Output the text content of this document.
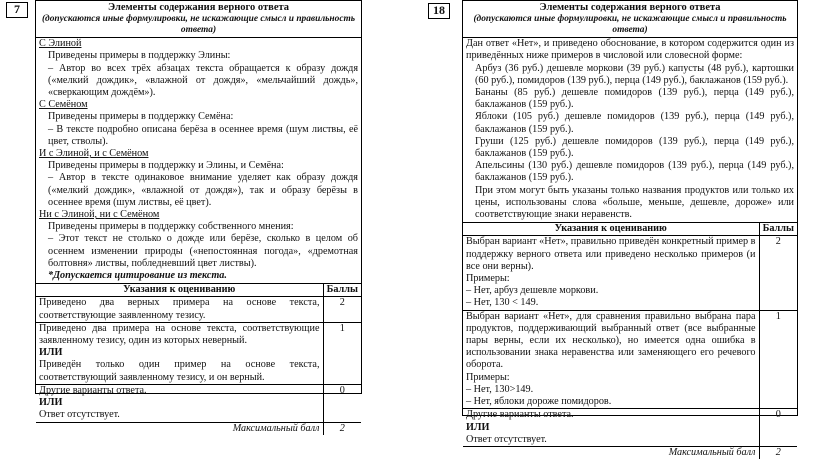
7	Элементы содержания верного ответа
(допускаются иные формулировки, не искажающие смысл и правильность ответа)

С Элиной

Приведены примеры в поддержку Элины:

– Автор во всех трёх абзацах текста обращается к образу дождя («мелкий дождик», «влажной от дождя», «мельчайший дождь», «сверкающим дождём»).

С Семёном

Приведены примеры в поддержку Семёна:

– В тексте подробно описана берёза в осеннее время (шум листвы, её цвет, стволы).

И с Элиной, и с Семёном

Приведены примеры в поддержку и Элины, и Семёна:

– Автор в тексте одинаковое внимание уделяет как образу дождя («мелкий дождик», «влажной от дождя»), так и образу берёзы в осеннее время (шум листвы, её цвет).

Ни с Элиной, ни с Семёном

Приведены примеры в поддержку собственного мнения:

– Этот текст не столько о дожде или берёзе, сколько в целом об осеннем изменении природы («непостоянная погода», «дремотная болтовня» листвы, побледневший цвет листвы).

*Допускается цитирование из текста.

Указания к оцениванию	Баллы
Приведено два верных примера на основе текста, соответствующие заявленному тезису.	2

Приведено два примера на основе текста, соответствующие заявленному тезису, один из которых неверный.
ИЛИ
Приведён только один пример на основе текста, соответствующий заявленному тезису, и он верный.	1

Другие варианты ответа.
ИЛИ
Ответ отсутствует.	0
Максимальный балл	2
18	Элементы содержания верного ответа
(допускаются иные формулировки, не искажающие смысл и правильность ответа)

Дан ответ «Нет», и приведено обоснование, в котором содержится один из приведённых ниже примеров в числовой или словесной форме:

Арбуз (36 руб.) дешевле моркови (39 руб.) капусты (48 руб.), картошки (60 руб.), помидоров (139 руб.), перца (149 руб.), баклажанов (159 руб.).

Бананы (85 руб.) дешевле помидоров (139 руб.), перца (149 руб.), баклажанов (159 руб.).

Яблоки (105 руб.) дешевле помидоров (139 руб.), перца (149 руб.), баклажанов (159 руб.).

Груши (125 руб.) дешевле помидоров (139 руб.), перца (149 руб.), баклажанов (159 руб.).

Апельсины (130 руб.) дешевле помидоров (139 руб.), перца (149 руб.), баклажанов (159 руб.).

При этом могут быть указаны только названия продуктов или только их цены, использованы слова «больше, меньше, дешевле, дороже» или соответствующие знаки неравенств.

Указания к оцениванию	Баллы

Выбран вариант «Нет», правильно приведён конкретный пример в поддержку верного ответа или приведено несколько примеров (и все они верны).
Примеры:
– Нет, арбуз дешевле моркови.
– Нет, 130 < 149.	2

Выбран вариант «Нет», для сравнения правильно выбрана пара продуктов, поддерживающий выбранный ответ (все выбранные пары верны, если их несколько), но имеется одна ошибка в использовании знака неравенства или заменяющего его речевого оборота.
Примеры:
– Нет, 130>149.
– Нет, яблоки дороже помидоров.	1

Другие варианты ответа.
ИЛИ
Ответ отсутствует.	0
Максимальный балл	2
